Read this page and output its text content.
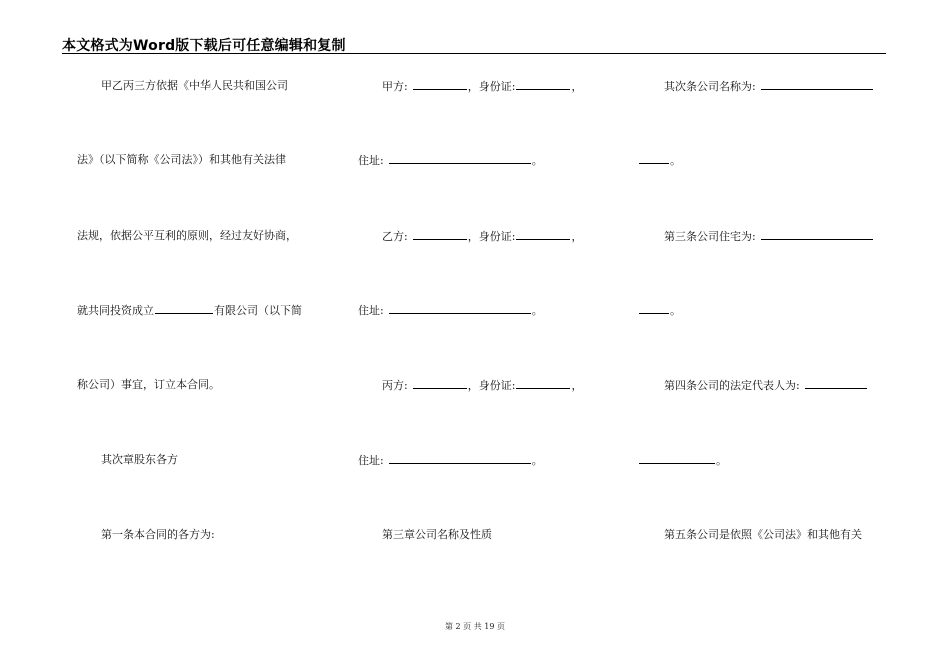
本文格式为Word版下载后可任意编辑和复制
甲乙丙三方依据《中华人民共和国公司
法》（以下简称《公司法》）和其他有关法律
法规，依据公平互利的原则，经过友好协商，
就共同投资成立	有限公司（以下简
称公司）事宜，订立本合同。
其次章股东各方
第一条本合同的各方为:
甲方:	，身份证:	，
住址:	。
乙方:	，身份证:	，
住址:	。
丙方:	，身份证:	，
住址:	。
第三章公司名称及性质
其次条公司名称为:
。
第三条公司住宅为:
。
第四条公司的法定代表人为:
。
第五条公司是依照《公司法》和其他有关
第 2 页 共 19 页
